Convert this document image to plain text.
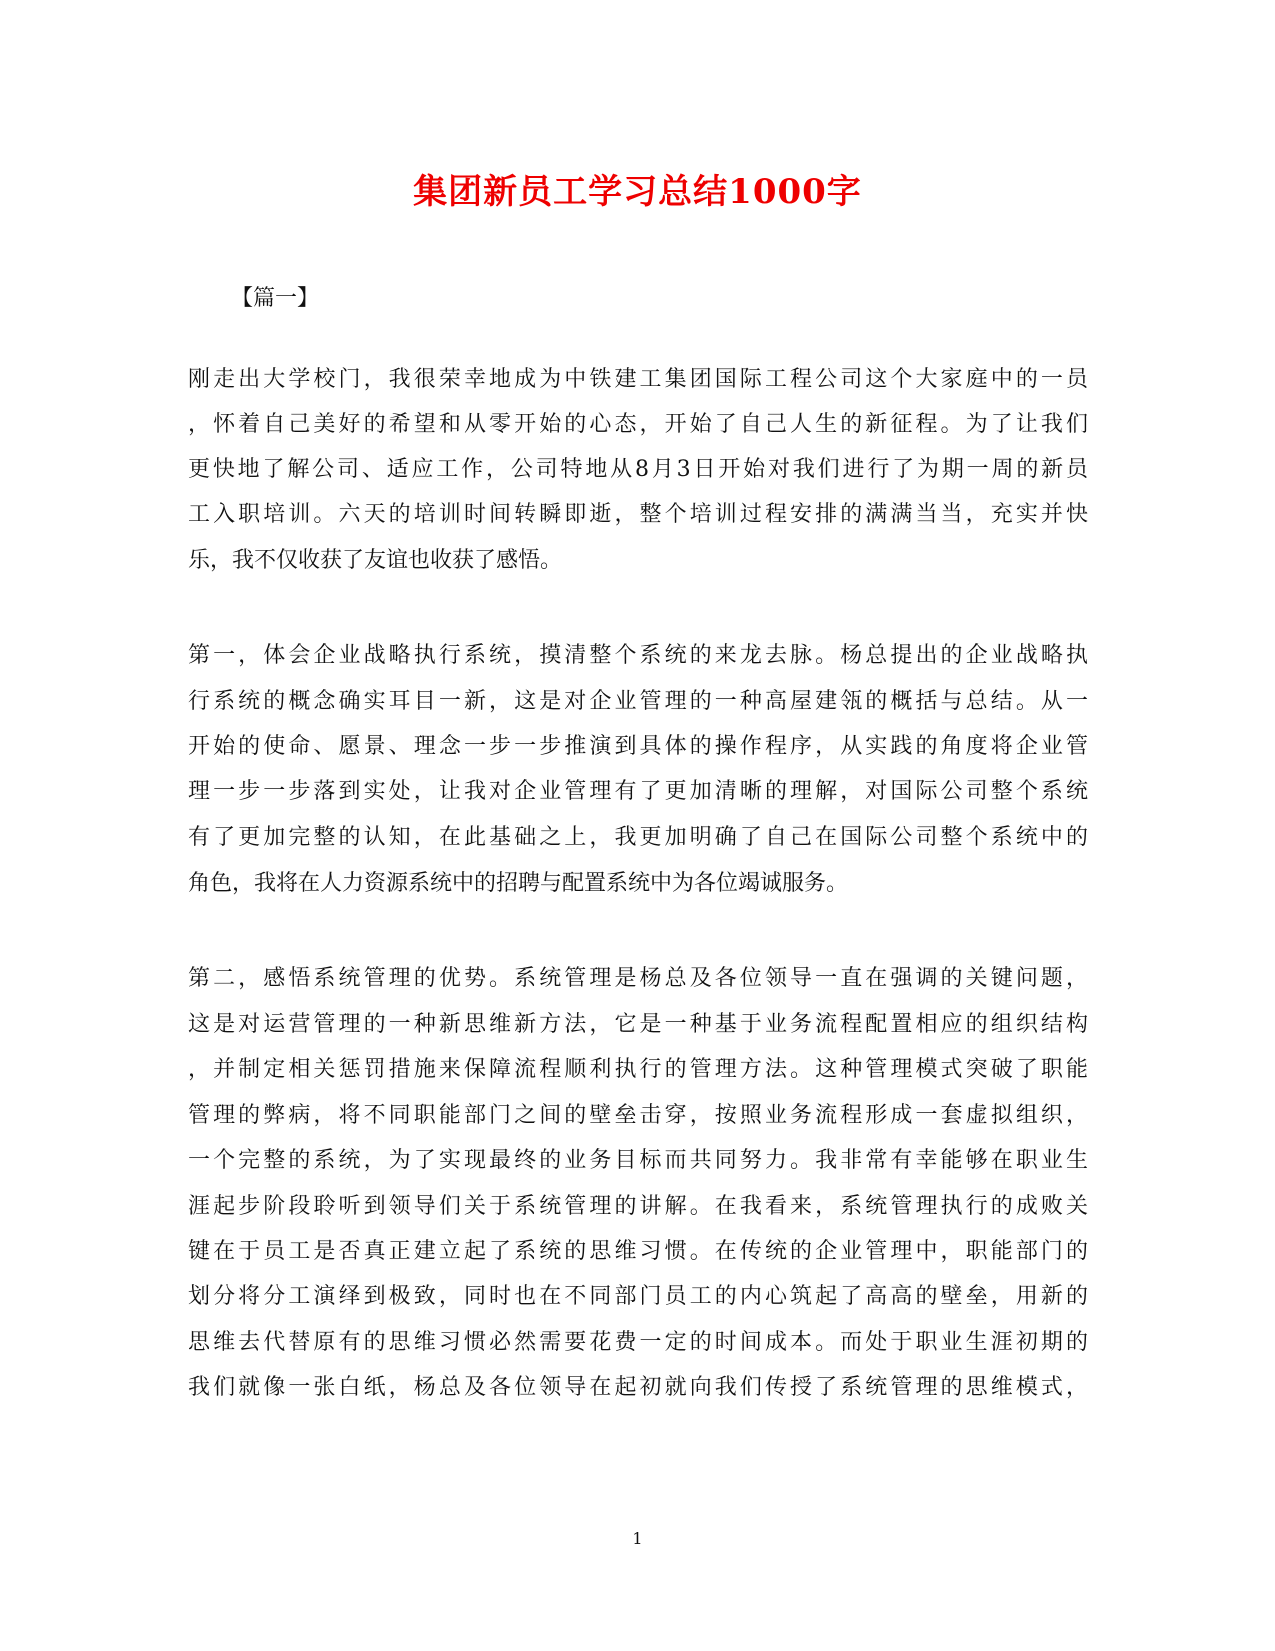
集团新员工学习总结1000字
【篇一】
刚走出大学校门，我很荣幸地成为中铁建工集团国际工程公司这个大家庭中的一员
，怀着自己美好的希望和从零开始的心态，开始了自己人生的新征程。为了让我们
更快地了解公司、适应工作，公司特地从8月3日开始对我们进行了为期一周的新员
工入职培训。六天的培训时间转瞬即逝，整个培训过程安排的满满当当，充实并快
乐，我不仅收获了友谊也收获了感悟。
第一，体会企业战略执行系统，摸清整个系统的来龙去脉。杨总提出的企业战略执
行系统的概念确实耳目一新，这是对企业管理的一种高屋建瓴的概括与总结。从一
开始的使命、愿景、理念一步一步推演到具体的操作程序，从实践的角度将企业管
理一步一步落到实处，让我对企业管理有了更加清晰的理解，对国际公司整个系统
有了更加完整的认知，在此基础之上，我更加明确了自己在国际公司整个系统中的
角色，我将在人力资源系统中的招聘与配置系统中为各位竭诚服务。
第二，感悟系统管理的优势。系统管理是杨总及各位领导一直在强调的关键问题，
这是对运营管理的一种新思维新方法，它是一种基于业务流程配置相应的组织结构
，并制定相关惩罚措施来保障流程顺利执行的管理方法。这种管理模式突破了职能
管理的弊病，将不同职能部门之间的壁垒击穿，按照业务流程形成一套虚拟组织，
一个完整的系统，为了实现最终的业务目标而共同努力。我非常有幸能够在职业生
涯起步阶段聆听到领导们关于系统管理的讲解。在我看来，系统管理执行的成败关
键在于员工是否真正建立起了系统的思维习惯。在传统的企业管理中，职能部门的
划分将分工演绎到极致，同时也在不同部门员工的内心筑起了高高的壁垒，用新的
思维去代替原有的思维习惯必然需要花费一定的时间成本。而处于职业生涯初期的
我们就像一张白纸，杨总及各位领导在起初就向我们传授了系统管理的思维模式，
1
